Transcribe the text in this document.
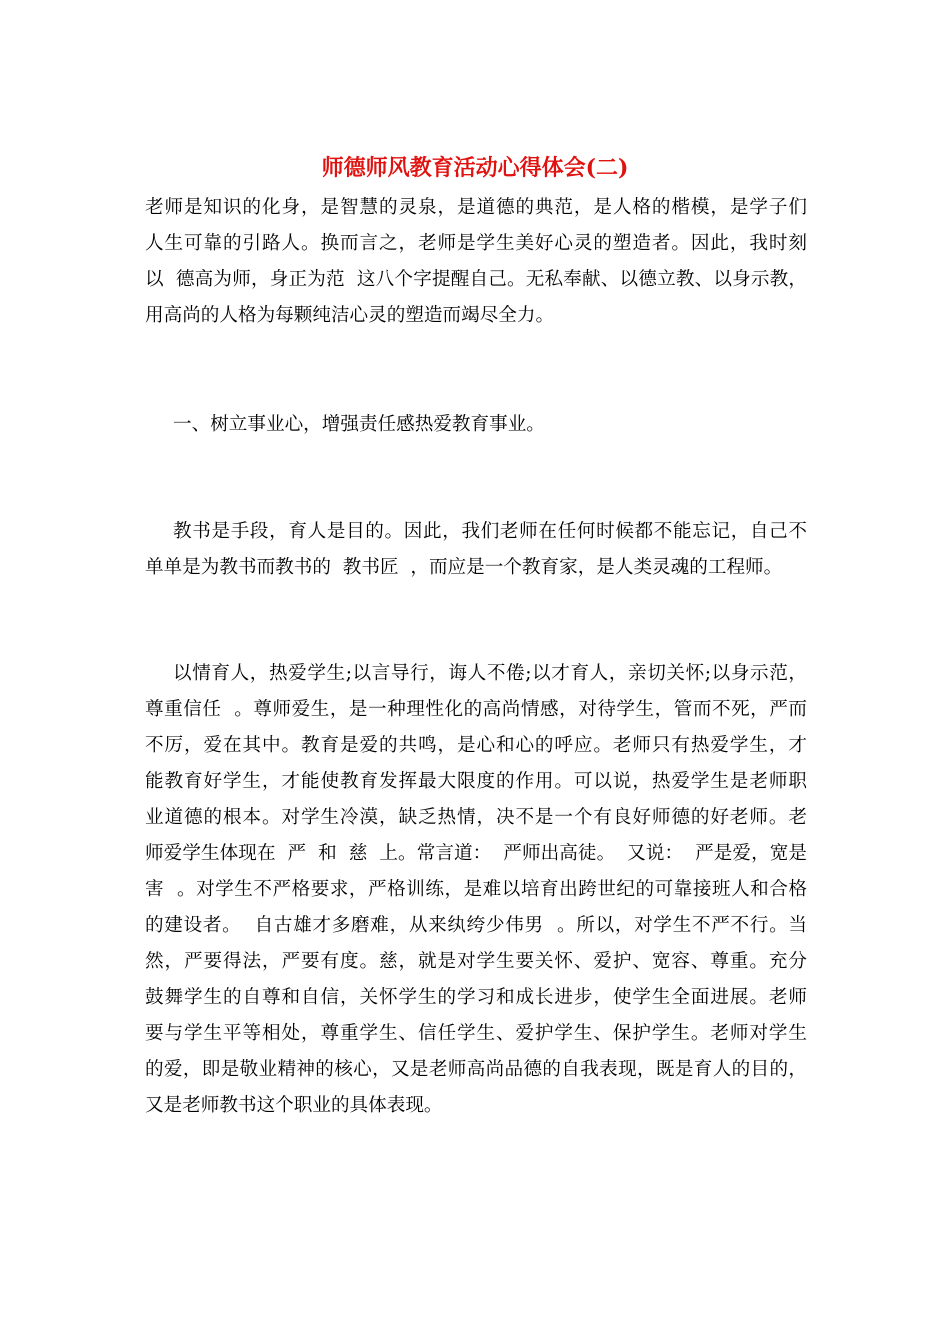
师德师风教育活动心得体会(二)
老师是知识的化身，是智慧的灵泉，是道德的典范，是人格的楷模，是学子们
人生可靠的引路人。换而言之，老师是学生美好心灵的塑造者。因此，我时刻
以  德高为师，身正为范  这八个字提醒自己。无私奉献、以德立教、以身示教，
用高尚的人格为每颗纯洁心灵的塑造而竭尽全力。
一、树立事业心，增强责任感热爱教育事业。
教书是手段，育人是目的。因此，我们老师在任何时候都不能忘记，自己不
单单是为教书而教书的  教书匠  ，而应是一个教育家，是人类灵魂的工程师。
以情育人，热爱学生;以言导行，诲人不倦;以才育人，亲切关怀;以身示范，
尊重信任  。尊师爱生，是一种理性化的高尚情感，对待学生，管而不死，严而
不厉，爱在其中。教育是爱的共鸣，是心和心的呼应。老师只有热爱学生，才
能教育好学生，才能使教育发挥最大限度的作用。可以说，热爱学生是老师职
业道德的根本。对学生冷漠，缺乏热情，决不是一个有良好师德的好老师。老
师爱学生体现在  严  和  慈  上。常言道：  严师出高徒。  又说：  严是爱，宽是
害  。对学生不严格要求，严格训练，是难以培育出跨世纪的可靠接班人和合格
的建设者。  自古雄才多磨难，从来纨绔少伟男  。所以，对学生不严不行。当
然，严要得法，严要有度。慈，就是对学生要关怀、爱护、宽容、尊重。充分
鼓舞学生的自尊和自信，关怀学生的学习和成长进步，使学生全面进展。老师
要与学生平等相处，尊重学生、信任学生、爱护学生、保护学生。老师对学生
的爱，即是敬业精神的核心，又是老师高尚品德的自我表现，既是育人的目的，
又是老师教书这个职业的具体表现。
